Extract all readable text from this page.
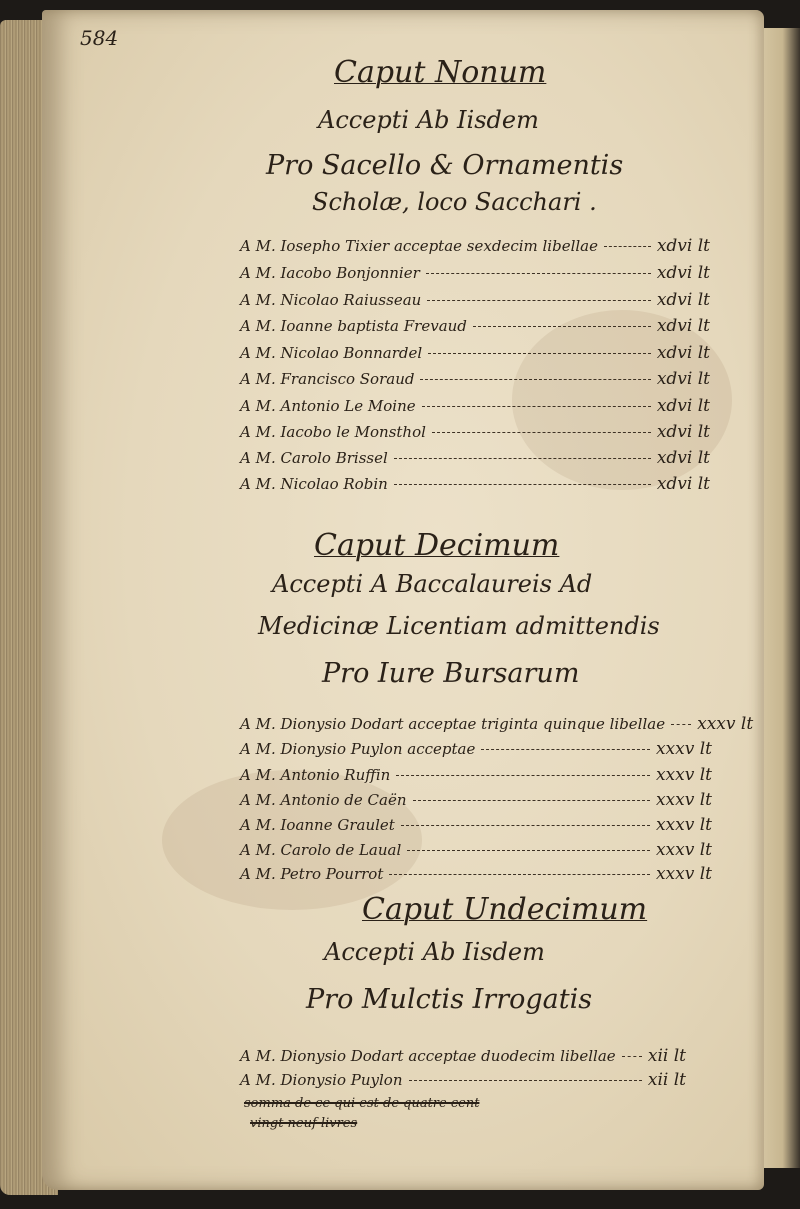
584
Caput Nonum
Accepti Ab Iisdem
Pro Sacello & Ornamentis
Scholæ, loco Sacchari .
A M. Iosepho Tixier acceptae sexdecim libellae	xdvi lt
A M. Iacobo Bonjonnier	xdvi lt
A M. Nicolao Raiusseau	xdvi lt
A M. Ioanne baptista Frevaud	xdvi lt
A M. Nicolao Bonnardel	xdvi lt
A M. Francisco Soraud	xdvi lt
A M. Antonio Le Moine	xdvi lt
A M. Iacobo le Monsthol	xdvi lt
A M. Carolo Brissel	xdvi lt
A M. Nicolao Robin	xdvi lt
Caput Decimum
Accepti A Baccalaureis Ad
Medicinæ Licentiam admittendis
Pro Iure Bursarum
A M. Dionysio Dodart acceptae triginta quinque libellae xxxv lt
A M. Dionysio Puylon acceptae	xxxv lt
A M. Antonio Ruffin	xxxv lt
A M. Antonio de Caën	xxxv lt
A M. Ioanne Graulet	xxxv lt
A M. Carolo de Laual	xxxv lt
A M. Petro Pourrot	xxxv lt
Caput Undecimum
Accepti Ab Iisdem
Pro Mulctis Irrogatis
A M. Dionysio Dodart acceptae duodecim libellae xii lt
A M. Dionysio Puylon	xii lt
somma de ce qui est de quatre cent
vingt neuf livres
